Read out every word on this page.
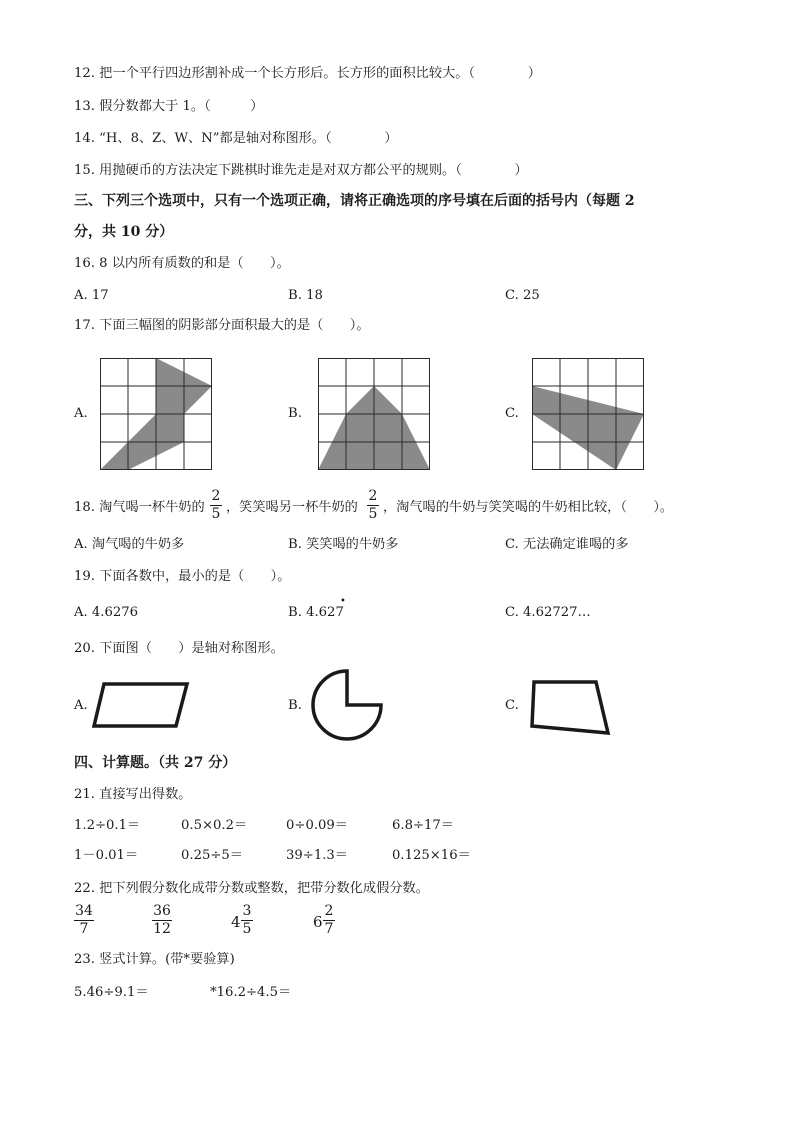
12. 把一个平行四边形割补成一个长方形后。长方形的面积比较大。（　　　　）
13. 假分数都大于 1。（　　　）
14. “H、8、Z、W、N”都是轴对称图形。（　　　　）
15. 用抛硬币的方法决定下跳棋时谁先走是对双方都公平的规则。（　　　　）
三、下列三个选项中，只有一个选项正确，请将正确选项的序号填在后面的括号内（每题 2
分，共 10 分）
16. 8 以内所有质数的和是（　　）。
A. 17	B. 18	C. 25
17. 下面三幅图的阴影部分面积最大的是（　　）。
A.	B.	C.
18. 淘气喝一杯牛奶的
2
5 ，笑笑喝另一杯牛奶的
2
5 ，淘气喝的牛奶与笑笑喝的牛奶相比较，（　　）。
A. 淘气喝的牛奶多	B. 笑笑喝的牛奶多	C. 无法确定谁喝的多
19. 下面各数中，最小的是（　　）。
A. 4.6276	B. 4.627
•
C. 4.62727…
20. 下面图（　　）是轴对称图形。
A.	B.	C.
四、计算题。（共 27 分）
21. 直接写出得数。
1.2÷0.1＝	0.5×0.2＝	0÷0.09＝	6.8÷17＝
1－0.01＝	0.25÷5＝	39÷1.3＝	0.125×16＝
22. 把下列假分数化成带分数或整数，把带分数化成假分数。
34
7
36
12	4
3
5	6
2
7
23. 竖式计算。(带*要验算)
5.46÷9.1＝	*16.2÷4.5＝
